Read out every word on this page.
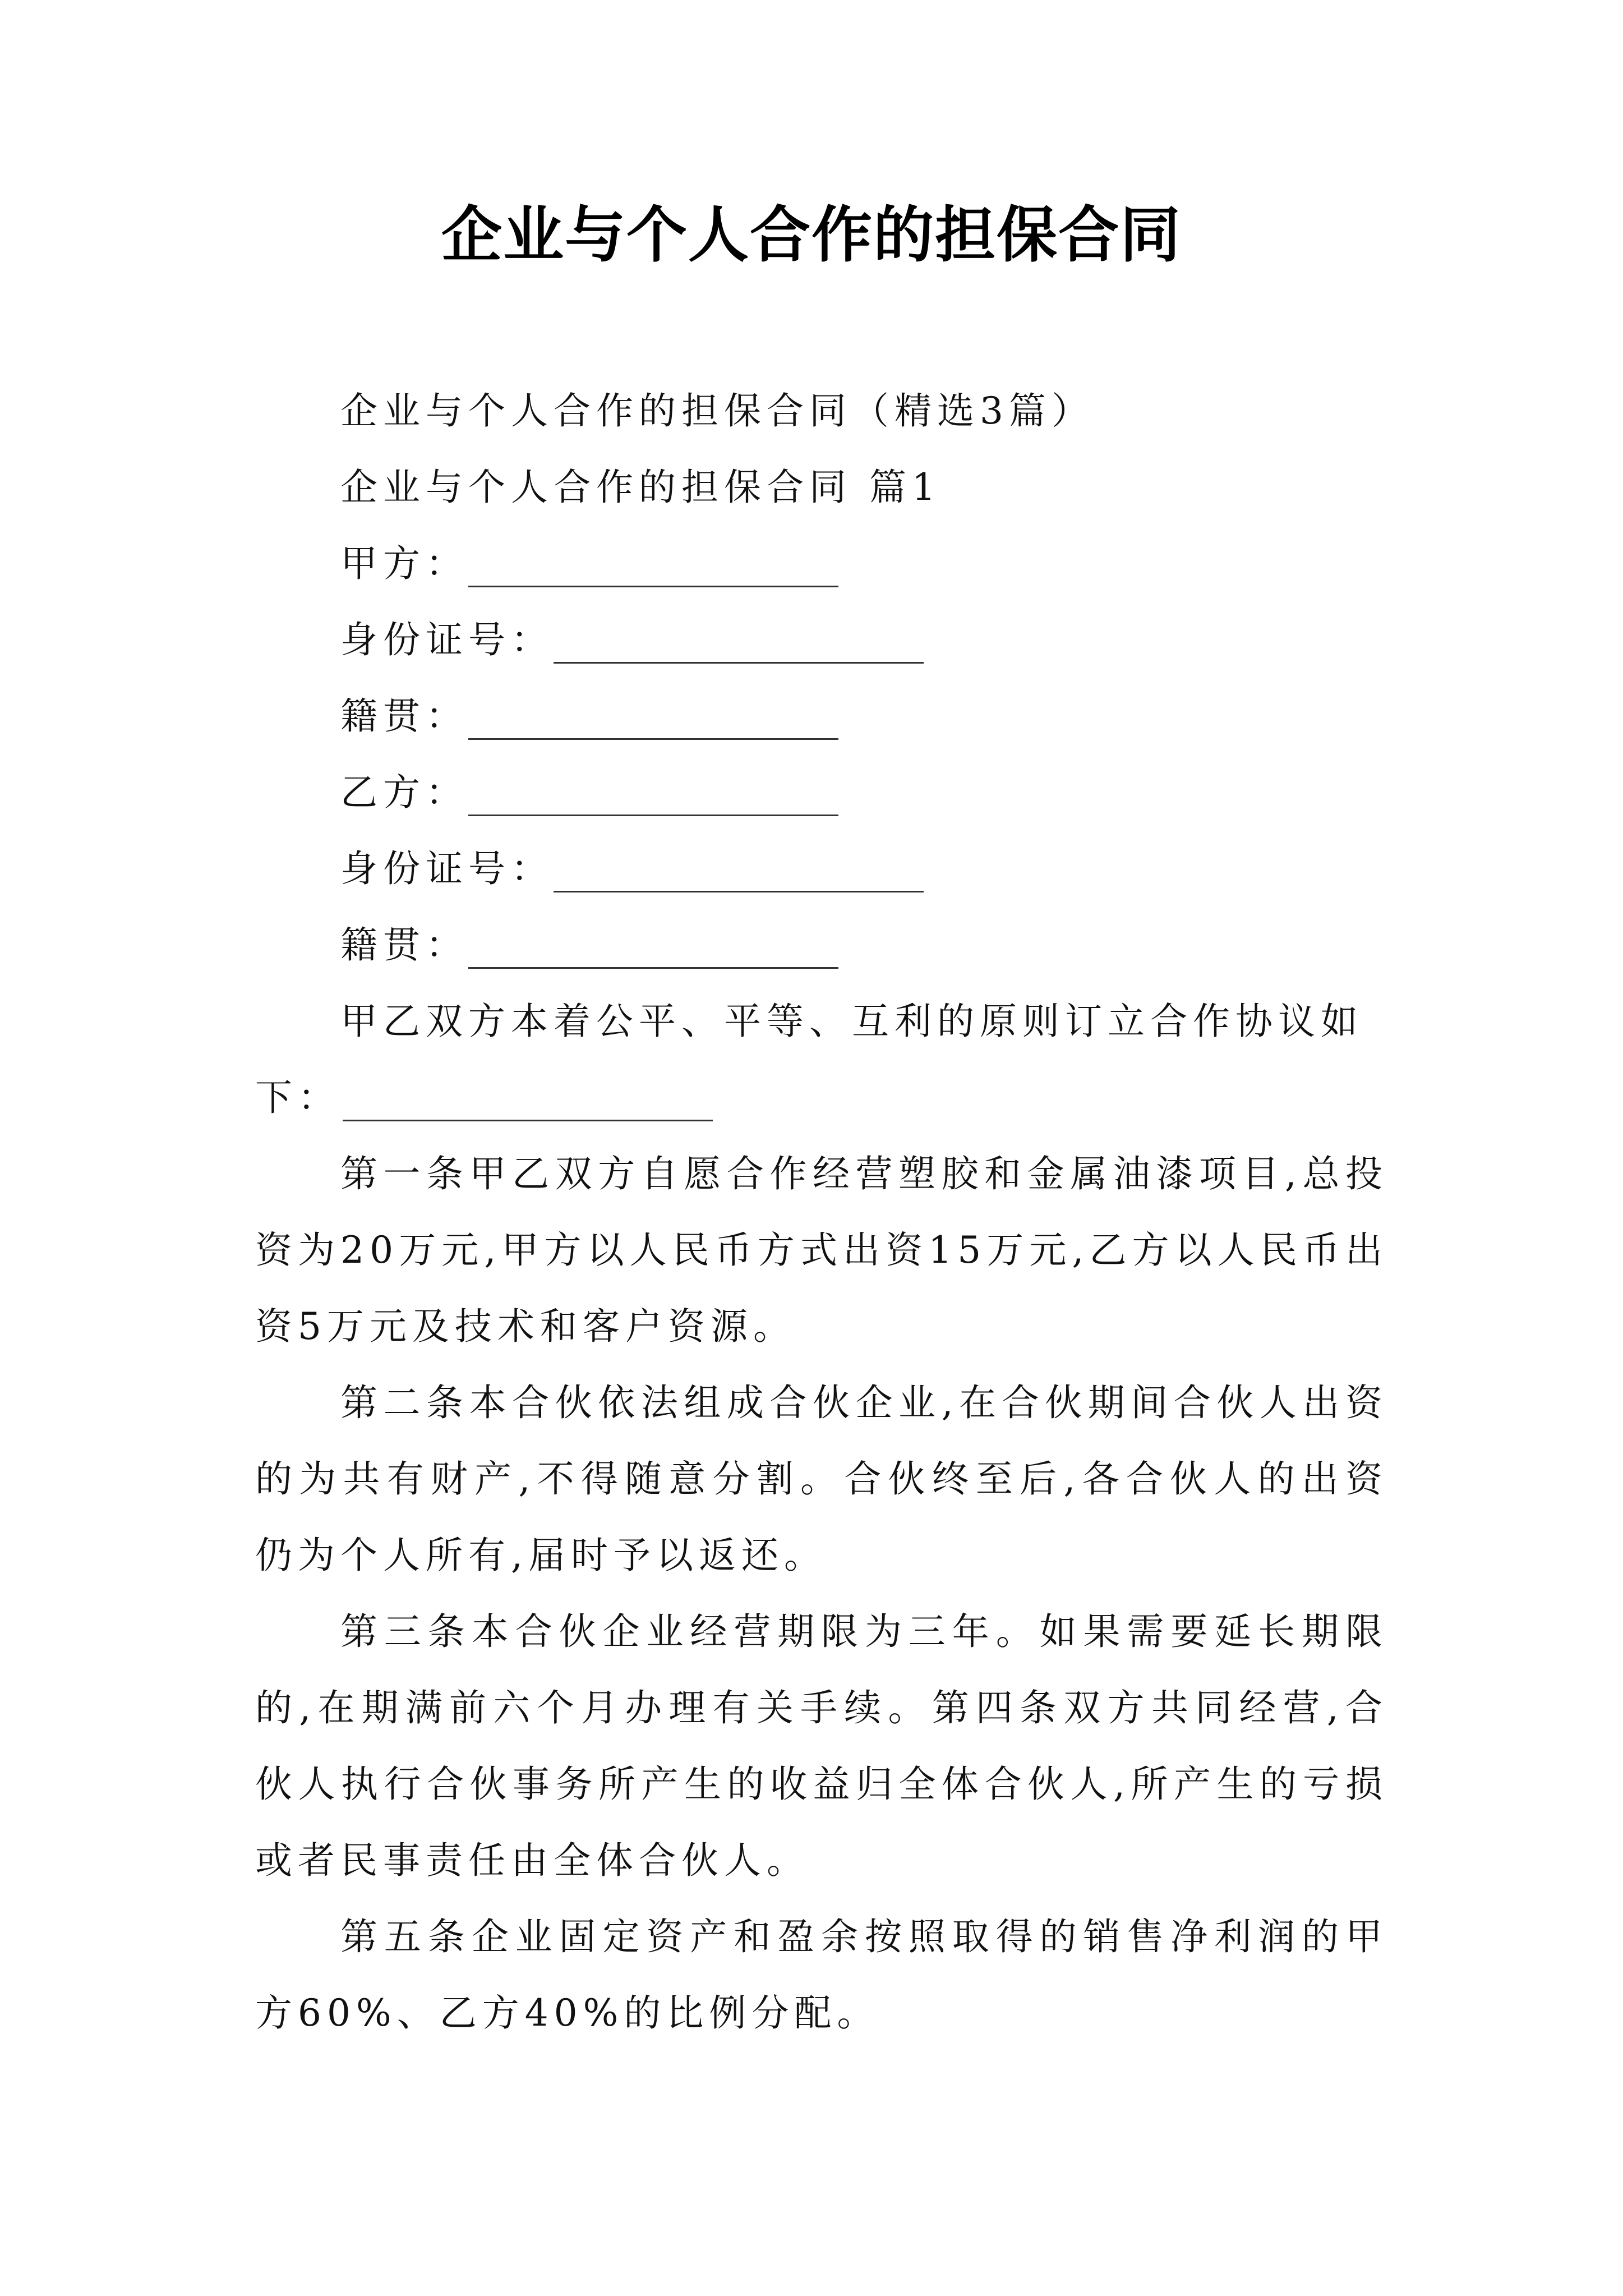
企业与个人合作的担保合同
企业与个人合作的担保合同（精选3篇）
企业与个人合作的担保合同 篇1
甲方：
身份证号：
籍贯：
乙方：
身份证号：
籍贯：
甲乙双方本着公平、平等、互利的原则订立合作协议如
下：

第一条甲乙双方自愿合作经营塑胶和金属油漆项目,总投资为20万元,甲方以人民币方式出资15万元,乙方以人民币出资5万元及技术和客户资源。

第二条本合伙依法组成合伙企业,在合伙期间合伙人出资的为共有财产,不得随意分割。合伙终至后,各合伙人的出资仍为个人所有,届时予以返还。

第三条本合伙企业经营期限为三年。如果需要延长期限的,在期满前六个月办理有关手续。第四条双方共同经营,合伙人执行合伙事务所产生的收益归全体合伙人,所产生的亏损或者民事责任由全体合伙人。

第五条企业固定资产和盈余按照取得的销售净利润的甲方60%、乙方40%的比例分配。
